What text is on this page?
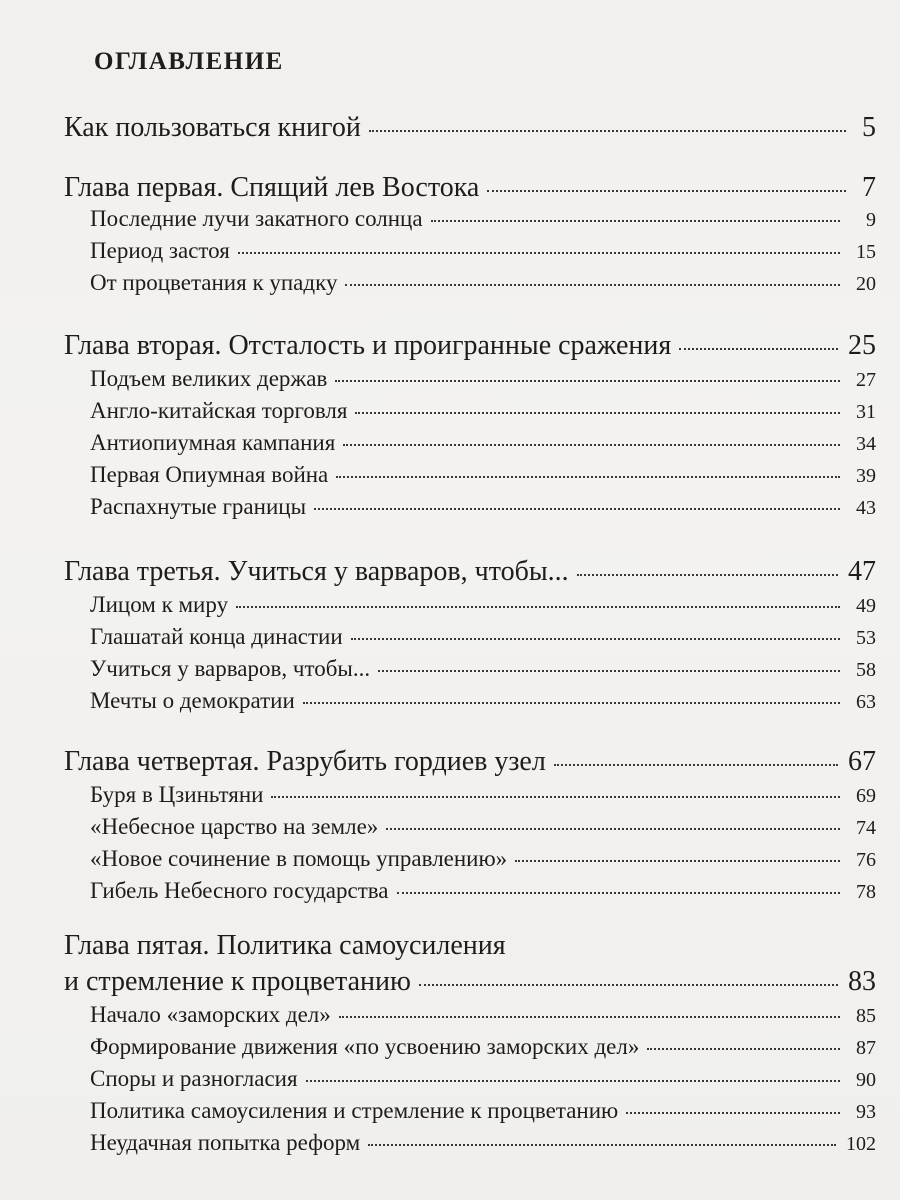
ОГЛАВЛЕНИЕ
Как пользоваться книгой	5
Глава первая. Спящий лев Востока	7
Последние лучи закатного солнца	9
Период застоя	15
От процветания к упадку	20
Глава вторая. Отсталость и проигранные сражения	25
Подъем великих держав	27
Англо-китайская торговля	31
Антиопиумная кампания	34
Первая Опиумная война	39
Распахнутые границы	43
Глава третья. Учиться у варваров, чтобы...	47
Лицом к миру	49
Глашатай конца династии	53
Учиться у варваров, чтобы...	58
Мечты о демократии	63
Глава четвертая. Разрубить гордиев узел	67
Буря в Цзиньтяни	69
«Небесное царство на земле»	74
«Новое сочинение в помощь управлению»	76
Гибель Небесного государства	78
Глава пятая. Политика самоусиления
и стремление к процветанию	83
Начало «заморских дел»	85
Формирование движения «по усвоению заморских дел»	87
Споры и разногласия	90
Политика самоусиления и стремление к процветанию	93
Неудачная попытка реформ	102
